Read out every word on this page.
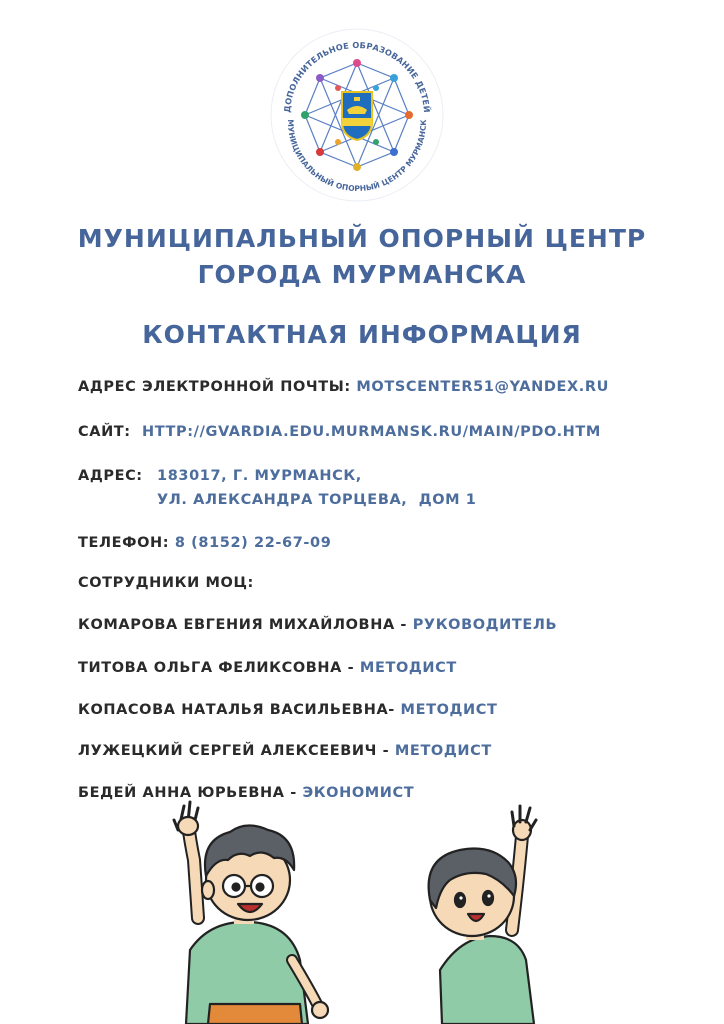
ДОПОЛНИТЕЛЬНОЕ ОБРАЗОВАНИЕ ДЕТЕЙ
МУНИЦИПАЛЬНЫЙ ОПОРНЫЙ ЦЕНТР МУРМАНСК
МУНИЦИПАЛЬНЫЙ ОПОРНЫЙ ЦЕНТР
ГОРОДА МУРМАНСКА
КОНТАКТНАЯ ИНФОРМАЦИЯ
АДРЕС ЭЛЕКТРОННОЙ ПОЧТЫ: MOTSCENTER51@YANDEX.RU
САЙТ: HTTP://GVARDIA.EDU.MURMANSK.RU/MAIN/PDO.HTM
АДРЕС: 183017, Г. МУРМАНСК,
УЛ. АЛЕКСАНДРА ТОРЦЕВА,  ДОМ 1
ТЕЛЕФОН: 8 (8152) 22-67-09
СОТРУДНИКИ МОЦ:
КОМАРОВА ЕВГЕНИЯ МИХАЙЛОВНА - РУКОВОДИТЕЛЬ
ТИТОВА ОЛЬГА ФЕЛИКСОВНА - МЕТОДИСТ
КОПАСОВА НАТАЛЬЯ ВАСИЛЬЕВНА- МЕТОДИСТ
ЛУЖЕЦКИЙ СЕРГЕЙ АЛЕКСЕЕВИЧ - МЕТОДИСТ
БЕДЕЙ АННА ЮРЬЕВНА - ЭКОНОМИСТ
